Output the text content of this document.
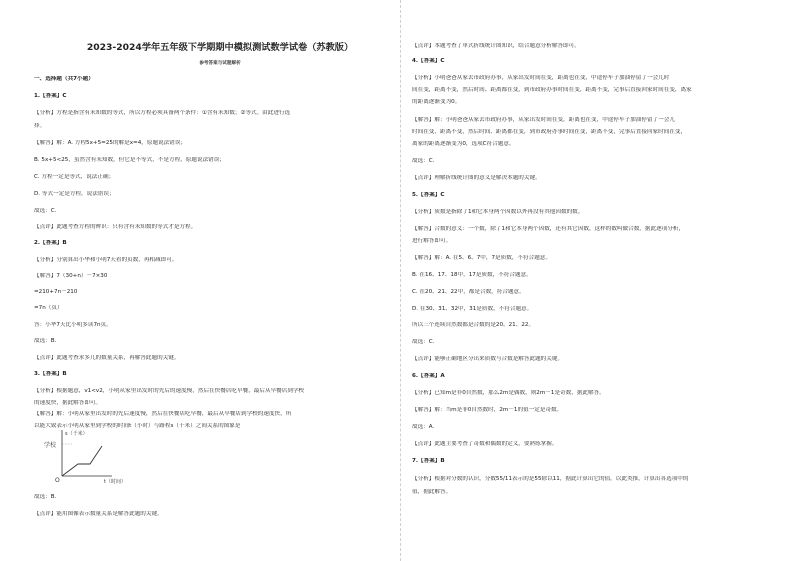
2023-2024学年五年级下学期期中模拟测试数学试卷（苏教版）
参考答案与试题解析
一、选择题（共7小题）
1.【答案】C
【分析】方程是指含有未知数的等式，所以方程必须具备两个条件：①含有未知数；②等式。由此进行选
择。
【解答】解：A. 方程5x+5=25的解是x=4，原题说法错误；
B. 5x+5<25，虽然含有未知数，但它是不等式，不是方程，原题说法错误；
C. 方程一定是等式，说法正确；
D. 等式一定是方程，说法错误；
故选：C.
【点评】此题考查方程的辨识：只有含有未知数的等式才是方程。
2.【答案】B
【分析】分别算出小华和小明7天看的页数，再相减即可。
【解答】7（30+n）－7×30
=210+7n－210
=7n（页）
答：小华7天比小明多读7n页。
故选：B.
【点评】此题考查求多几的数量关系，再解答此题的关键。
3.【答案】B
【分析】根据题意，v1<v2，小明从家里出发时的先后的速度慢，然后在快餐店吃早餐，最后从早餐店到学校
的速度快，据此解答即可。
【解答】解：小明从家里出发时的先后速度慢，然后在快餐店吃早餐，最后从早餐店到学校的速度快，所
以能大致表示小明从家里到学校的时间t（小时）与路程s（千米）之间关系的图象是
故选：B.
【点评】能用图像表示数量关系是解答此题的关键。
学校
s（千米）
O	t（时间）
【点评】本题考查了单式折线统计图知识，结合题意分析解答即可。
4.【答案】C
【分析】小明爸爸从家去市政府办事，从家出发时间在变，距离也在变，中途停车子加油停留了一会儿时
间在变，距离不变，然后时间、距离都在变，到市政府办事时间在变，距离不变，完事后直接回家时间在变，离家
的距离逐渐变为0。
【解答】解：小明爸爸从家去市政府办事，从家出发时间在变，距离也在变，中途停车子加油停留了一会儿
时间在变，距离不变，然后时间、距离都在变，到市政府办事时间在变，距离不变，完事后直接回家时间在变，
离家的距离逐渐变为0，选项C符合题意。
故选：C.
【点评】理解折线统计图的意义是解决本题的关键。
5.【答案】C
【分析】质数是指除了1和它本身两个因数以外再没有其他因数的数。
【解答】合数的意义：一个数，除了1和它本身两个因数，还有其它因数，这样的数叫做合数，据此逐项分析，
进行解答即可。
【解答】解：A. 在5、6、7中，7是质数，不符合题意。
B. 在16、17、18中，17是质数，不符合题意。
C. 在20、21、22中，都是合数，符合题意。
D. 在30、31、32中，31是质数，不符合题意。
所以三个连续自然数都是合数的是20、21、22。
故选：C.
【点评】能够正确地区分出来质数与合数是解答此题的关键。
6.【答案】A
【分析】已知m是非0自然数，那么2m是偶数，则2m－1是奇数，据此解答。
【解答】解：当m是非0自然数时，2m－1的值一定是奇数。
故选：A.
【点评】此题主要考查了奇数和偶数的定义，要熟练掌握。
7.【答案】B
【分析】根据对分数的认识，分数55/11表示的是55除以11，据此计算出它的值，以此类推，计算出各选项中的
值，据此解答。
